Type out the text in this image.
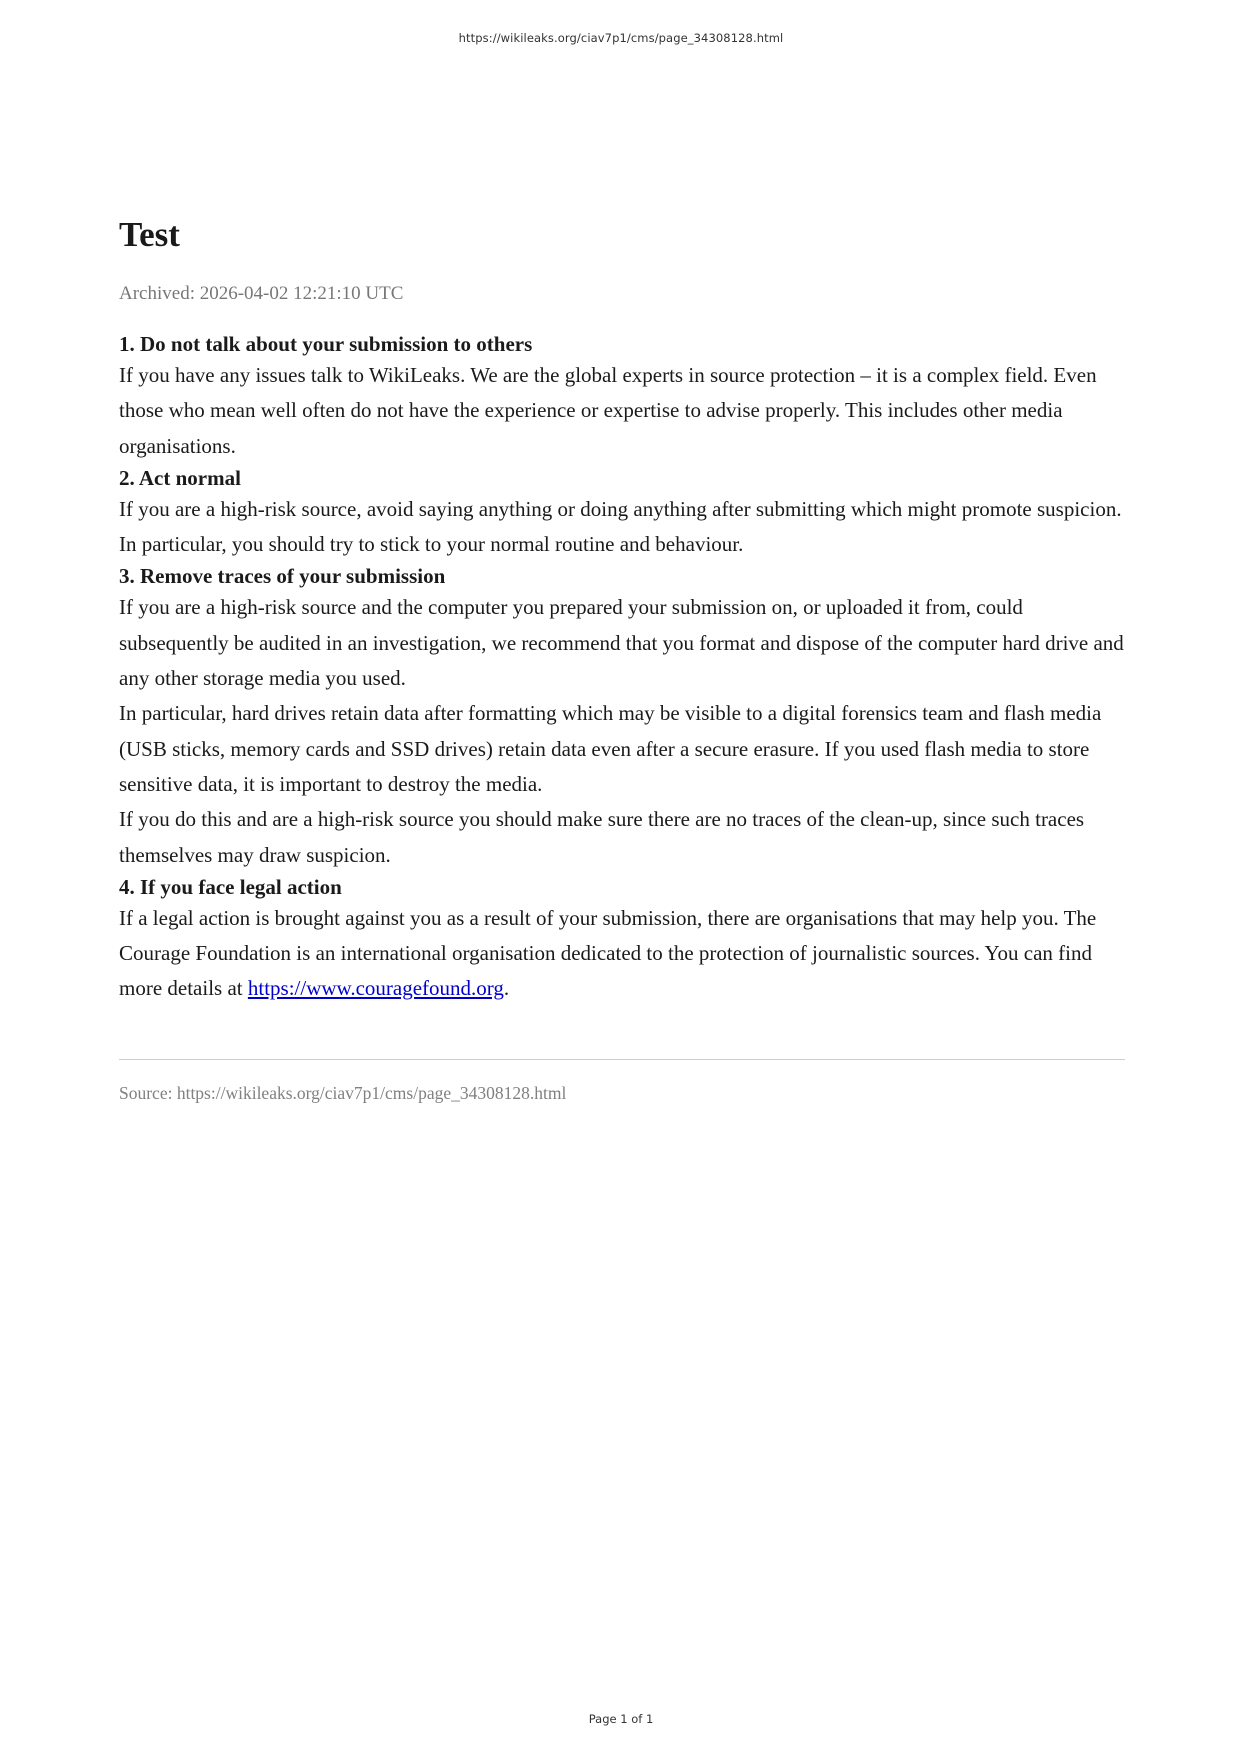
https://wikileaks.org/ciav7p1/cms/page_34308128.html
Test
Archived: 2026-04-02 12:21:10 UTC
1. Do not talk about your submission to others

If you have any issues talk to WikiLeaks. We are the global experts in source protection – it is a complex field. Even those who mean well often do not have the experience or expertise to advise properly. This includes other media organisations.

2. Act normal

If you are a high-risk source, avoid saying anything or doing anything after submitting which might promote suspicion. In particular, you should try to stick to your normal routine and behaviour.

3. Remove traces of your submission

If you are a high-risk source and the computer you prepared your submission on, or uploaded it from, could subsequently be audited in an investigation, we recommend that you format and dispose of the computer hard drive and any other storage media you used.

In particular, hard drives retain data after formatting which may be visible to a digital forensics team and flash media (USB sticks, memory cards and SSD drives) retain data even after a secure erasure. If you used flash media to store sensitive data, it is important to destroy the media.

If you do this and are a high-risk source you should make sure there are no traces of the clean-up, since such traces themselves may draw suspicion.

4. If you face legal action

If a legal action is brought against you as a result of your submission, there are organisations that may help you. The Courage Foundation is an international organisation dedicated to the protection of journalistic sources. You can find more details at https://www.couragefound.org.

Source: https://wikileaks.org/ciav7p1/cms/page_34308128.html
Page 1 of 1
